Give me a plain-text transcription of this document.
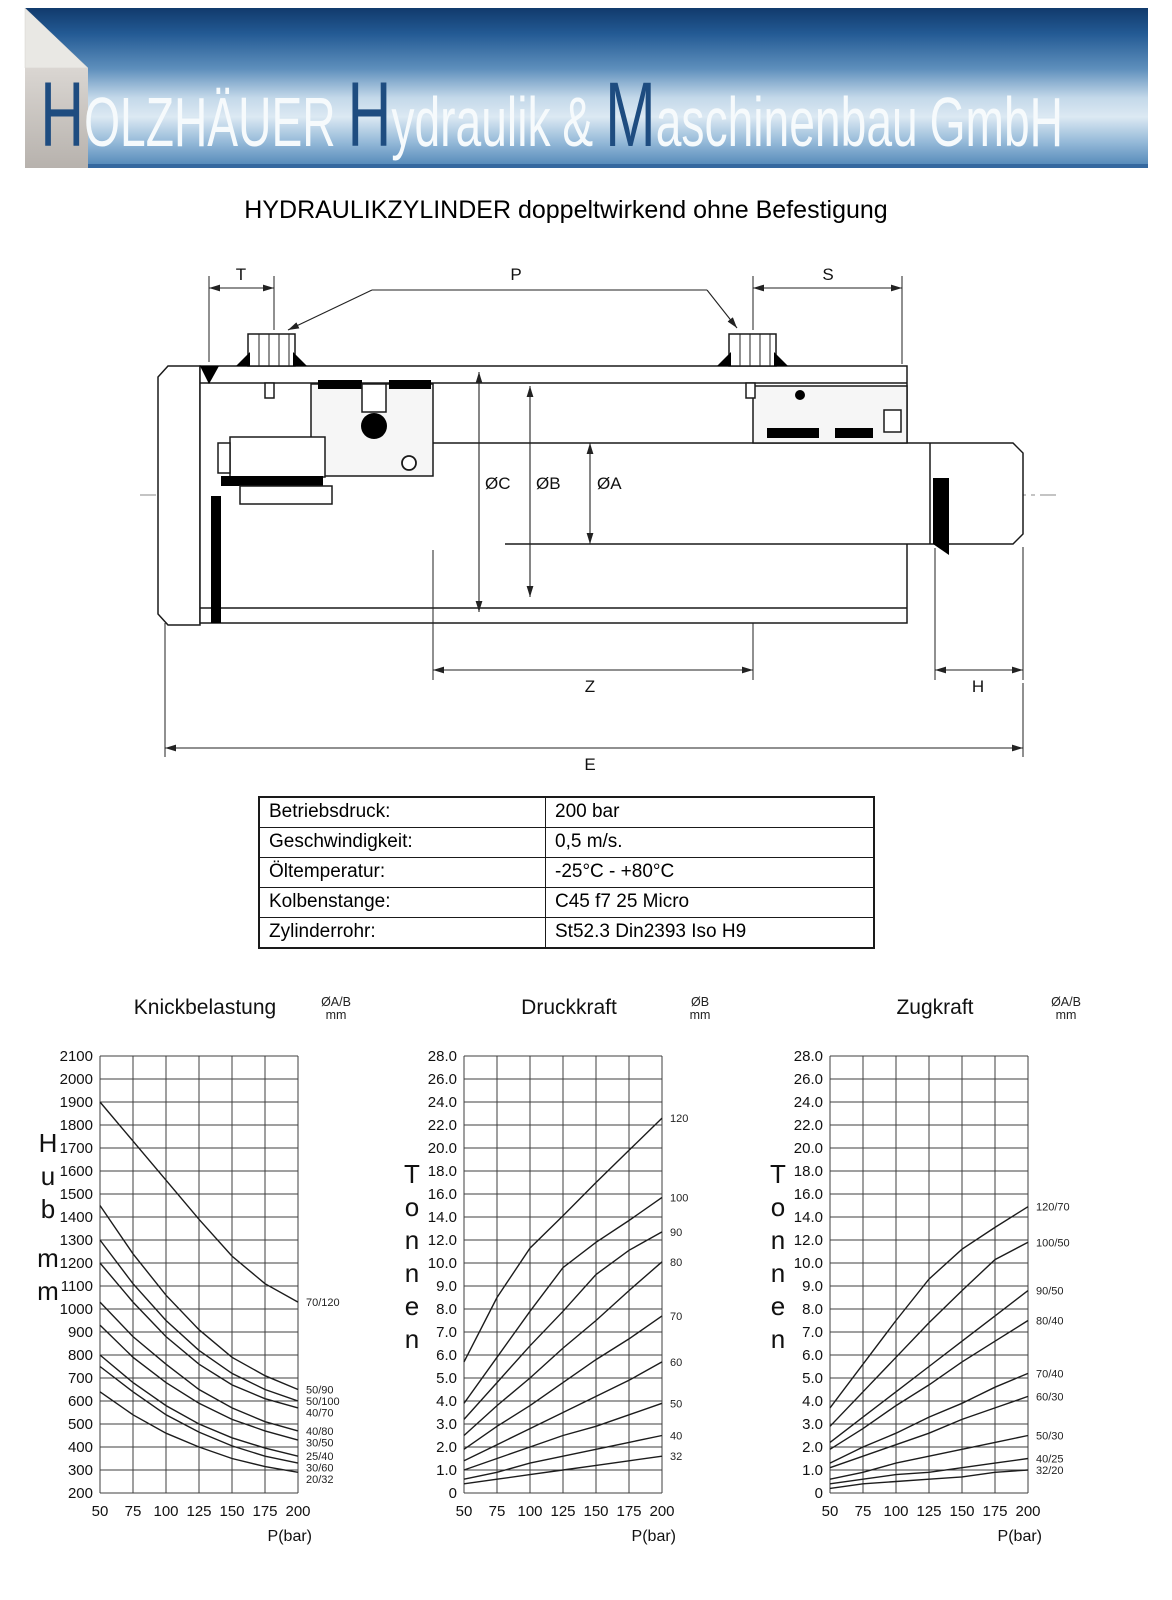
HOLZHÄUER Hydraulik & Maschinenbau GmbH
HYDRAULIKZYLINDER doppeltwirkend ohne Befestigung
T	P	S
ØC ØB ØA
Z	H
E
Betriebsdruck:	200 bar
Geschwindigkeit:	0,5 m/s.
Öltemperatur:	-25°C - +80°C
Kolbenstange:	C45 f7 25 Micro
Zylinderrohr:	St52.3 Din2393 Iso H9
200
300
400
500
600
700
800
900
1000
1100
1200
1300
1400
1500
1600
1700
1800
1900
2000
2100
50 75 100 125 150 175 200
70/120
50/90
50/100
40/70
40/80
30/50
25/40
30/60
20/32
Knickbelastung	ØA/B
mm
H
u
b
m
m
P(bar)
0
1.0
2.0
3.0
4.0
5.0
6.0
7.0
8.0
9.0
10.0
12.0
14.0
16.0
18.0
20.0
22.0
24.0
26.0
28.0
50 75 100 125 150 175 200
120
100
90
80
70
60
50
40
32
Druckkraft	ØB
mm
T
o
n
n
e
n
P(bar)
0
1.0
2.0
3.0
4.0
5.0
6.0
7.0
8.0
9.0
10.0
12.0
14.0
16.0
18.0
20.0
22.0
24.0
26.0
28.0
50 75 100 125 150 175 200
120/70
100/50
90/50
80/40
70/40
60/30
50/30
40/25
32/20
Zugkraft	ØA/B
mm
T
o
n
n
e
n
P(bar)
